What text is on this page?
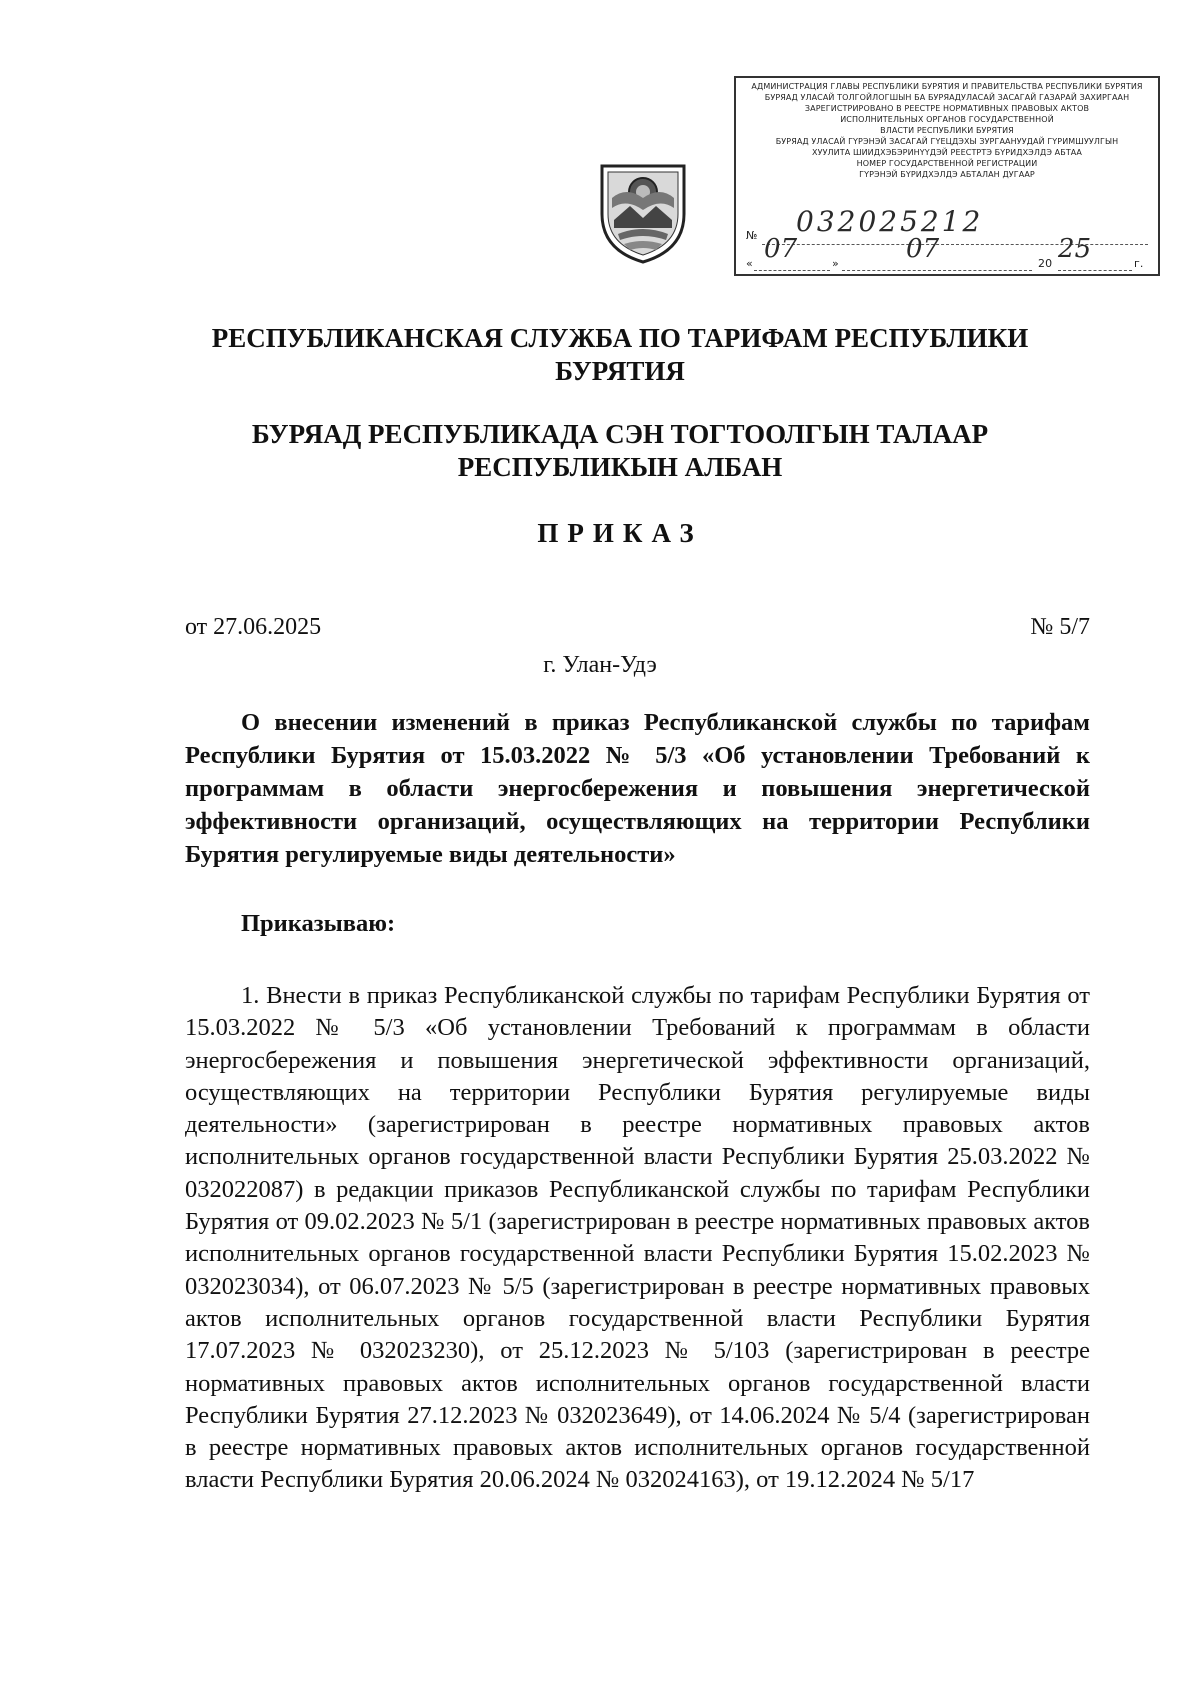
АДМИНИСТРАЦИЯ ГЛАВЫ РЕСПУБЛИКИ БУРЯТИЯ И ПРАВИТЕЛЬСТВА РЕСПУБЛИКИ БУРЯТИЯ
БУРЯАД УЛАСАЙ ТОЛГОЙЛОГШЫН БА БУРЯАДУЛАСАЙ ЗАСАГАЙ ГАЗАРАЙ ЗАХИРГААН
ЗАРЕГИСТРИРОВАНО В РЕЕСТРЕ НОРМАТИВНЫХ ПРАВОВЫХ АКТОВ
ИСПОЛНИТЕЛЬНЫХ ОРГАНОВ ГОСУДАРСТВЕННОЙ
ВЛАСТИ РЕСПУБЛИКИ БУРЯТИЯ
БУРЯАД УЛАСАЙ ГҮРЭНЭЙ ЗАСАГАЙ ГҮЕЦДЭХЫ ЗУРГААНУУДАЙ ГҮРИМШУУЛГЫН
ХУУЛИТА ШИИДХЭБЭРИНҮҮДЭЙ РЕЕСТРТЭ БҮРИДХЭЛДЭ АБТАА
НОМЕР ГОСУДАРСТВЕННОЙ РЕГИСТРАЦИИ
ГҮРЭНЭЙ БҮРИДХЭЛДЭ АБТАЛАН ДУГААР
№ 032025212
« 07	»	07	20 25	г.
РЕСПУБЛИКАНСКАЯ СЛУЖБА ПО ТАРИФАМ РЕСПУБЛИКИ БУРЯТИЯ
БУРЯАД РЕСПУБЛИКАДА СЭН ТОГТООЛГЫН ТАЛААР РЕСПУБЛИКЫН АЛБАН
ПРИКАЗ
от 27.06.2025	№ 5/7
г. Улан-Удэ

О внесении изменений в приказ Республиканской службы по тарифам Республики Бурятия от 15.03.2022 № 5/3 «Об установлении Требований к программам в области энергосбережения и повышения энергетической эффективности организаций, осуществляющих на территории Республики Бурятия регулируемые виды деятельности»

Приказываю:

1. Внести в приказ Республиканской службы по тарифам Республики Бурятия от 15.03.2022 № 5/3 «Об установлении Требований к программам в области энергосбережения и повышения энергетической эффективности организаций, осуществляющих на территории Республики Бурятия регулируемые виды деятельности» (зарегистрирован в реестре нормативных правовых актов исполнительных органов государственной власти Республики Бурятия 25.03.2022 № 032022087) в редакции приказов Республиканской службы по тарифам Республики Бурятия от 09.02.2023 № 5/1 (зарегистрирован в реестре нормативных правовых актов исполнительных органов государственной власти Республики Бурятия 15.02.2023 № 032023034), от 06.07.2023 № 5/5 (зарегистрирован в реестре нормативных правовых актов исполнительных органов государственной власти Республики Бурятия 17.07.2023 № 032023230), от 25.12.2023 № 5/103 (зарегистрирован в реестре нормативных правовых актов исполнительных органов государственной власти Республики Бурятия 27.12.2023 № 032023649), от 14.06.2024 № 5/4 (зарегистрирован в реестре нормативных правовых актов исполнительных органов государственной власти Республики Бурятия 20.06.2024 № 032024163), от 19.12.2024 № 5/17
